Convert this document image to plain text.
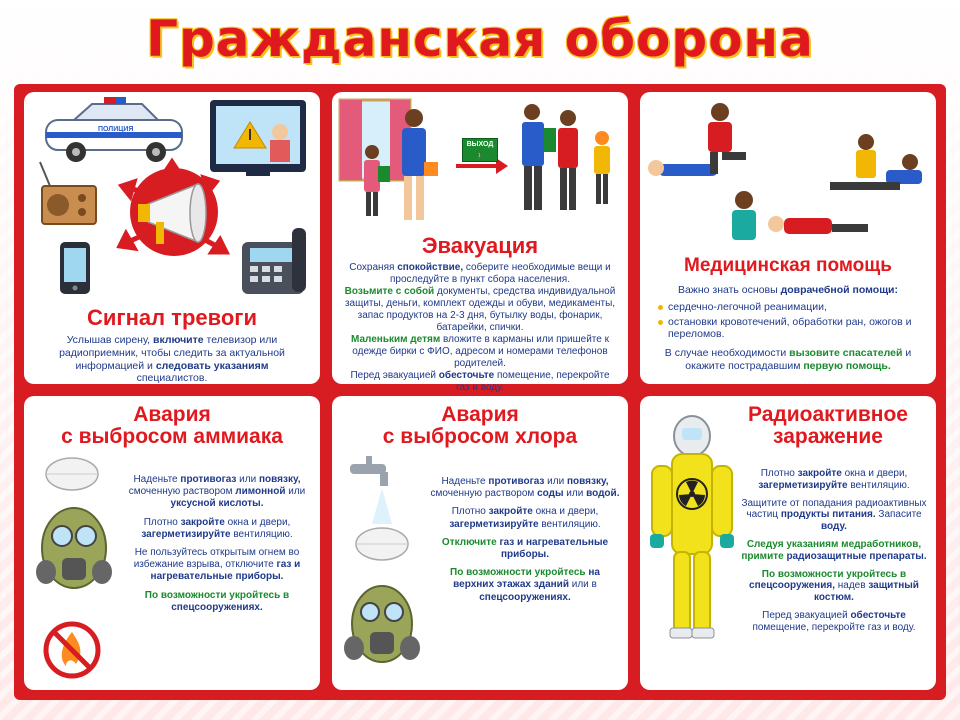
Гражданская оборона
ПОЛИЦИЯ
Сигнал тревоги
Услышав сирену, включите телевизор или радиоприемник, чтобы следить за актуальной информацией и следовать указаниям специалистов.
ВЫХОД
🚶
Эвакуация
Сохраняя спокойствие, соберите необходимые вещи и проследуйте в пункт сбора населения.
Возьмите с собой документы, средства индивидуальной защиты, деньги, комплект одежды и обуви, медикаменты, запас продуктов на 2-3 дня, бутылку воды, фонарик, батарейки, спички.
Маленьким детям вложите в карманы или пришейте к одежде бирки с ФИО, адресом и номерами телефонов родителей.
Перед эвакуацией обесточьте помещение, перекройте газ и воду.
Медицинская помощь
Важно знать основы доврачебной помощи:
сердечно-легочной реанимации,
остановки кровотечений, обработки ран, ожогов и переломов.
В случае необходимости вызовите спасателей и окажите пострадавшим первую помощь.
Авария
с выбросом аммиака

Наденьте противогаз или повязку, смоченную раствором лимонной или уксусной кислоты.

Плотно закройте окна и двери, загерметизируйте вентиляцию.

Не пользуйтесь открытым огнем во избежание взрыва, отключите газ и нагревательные приборы.

По возможности укройтесь в спецсооружениях.

Авария
с выбросом хлора

Наденьте противогаз или повязку, смоченную раствором соды или водой.

Плотно закройте окна и двери, загерметизируйте вентиляцию.

Отключите газ и нагревательные приборы.

По возможности укройтесь на верхних этажах зданий или в спецсооружениях.

Радиоактивное
заражение

Плотно закройте окна и двери, загерметизируйте вентиляцию.

Защитите от попадания радиоактивных частиц продукты питания. Запасите воду.

Следуя указаниям медработников, примите радиозащитные препараты.

По возможности укройтесь в спецсооружения, надев защитный костюм.

Перед эвакуацией обесточьте помещение, перекройте газ и воду.
